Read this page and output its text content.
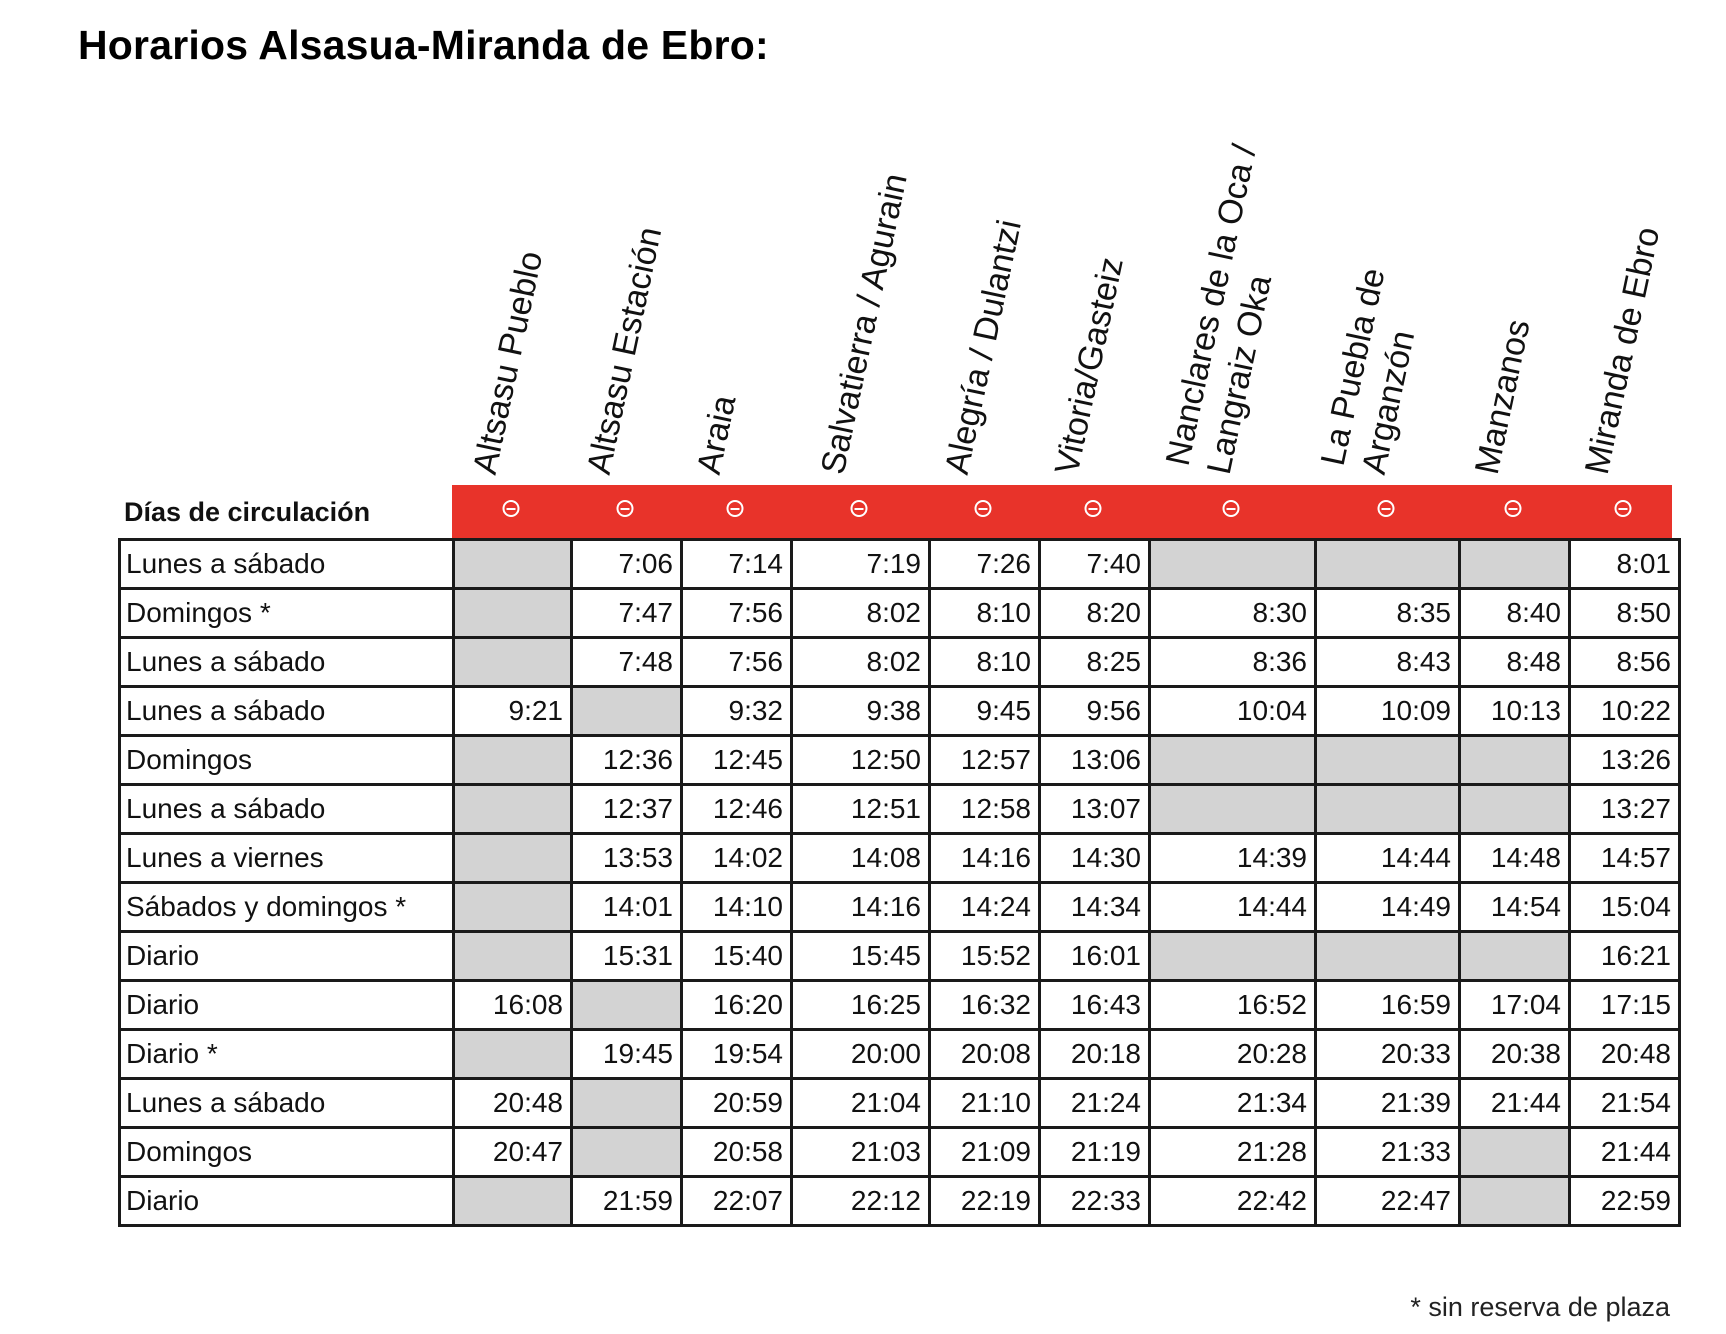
Horarios Alsasua-Miranda de Ebro:
Altsasu Pueblo Altsasu Estación Araia Salvatierra / Agurain Alegría / Dulantzi Vitoria/Gasteiz Nanclares de la Oca /
Langraiz Oka	La Puebla de
Arganzón	Manzanos Miranda de Ebro
Días de circulación
Lunes a sábado		7:06	7:14	7:19	7:26	7:40				8:01
Domingos *		7:47	7:56	8:02	8:10	8:20	8:30	8:35	8:40	8:50
Lunes a sábado		7:48	7:56	8:02	8:10	8:25	8:36	8:43	8:48	8:56
Lunes a sábado	9:21		9:32	9:38	9:45	9:56	10:04	10:09	10:13	10:22
Domingos		12:36	12:45	12:50	12:57	13:06				13:26
Lunes a sábado		12:37	12:46	12:51	12:58	13:07				13:27
Lunes a viernes		13:53	14:02	14:08	14:16	14:30	14:39	14:44	14:48	14:57
Sábados y domingos *		14:01	14:10	14:16	14:24	14:34	14:44	14:49	14:54	15:04
Diario		15:31	15:40	15:45	15:52	16:01				16:21
Diario	16:08		16:20	16:25	16:32	16:43	16:52	16:59	17:04	17:15
Diario *		19:45	19:54	20:00	20:08	20:18	20:28	20:33	20:38	20:48
Lunes a sábado	20:48		20:59	21:04	21:10	21:24	21:34	21:39	21:44	21:54
Domingos	20:47		20:58	21:03	21:09	21:19	21:28	21:33		21:44
Diario		21:59	22:07	22:12	22:19	22:33	22:42	22:47		22:59
* sin reserva de plaza
